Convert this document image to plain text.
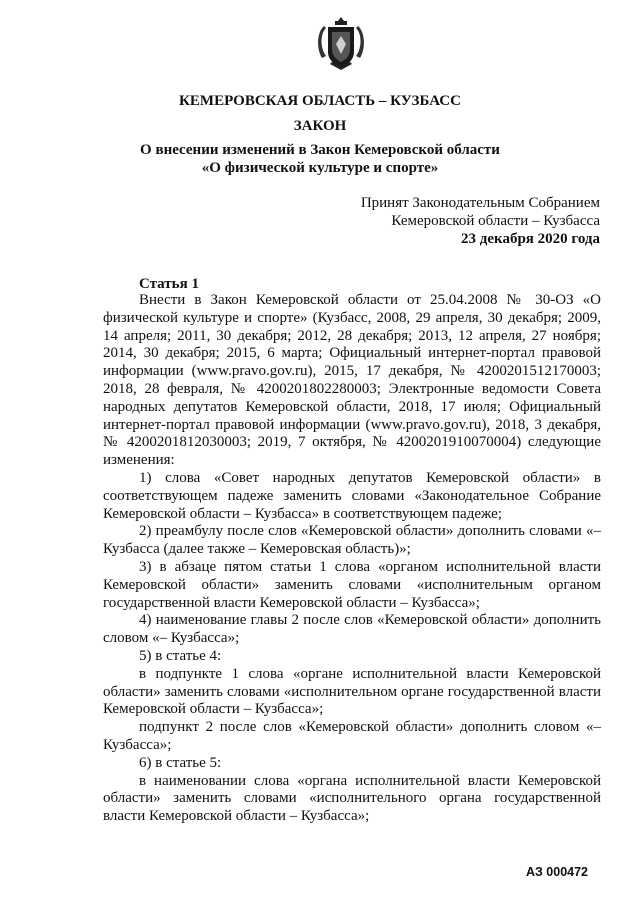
КЕМЕРОВСКАЯ ОБЛАСТЬ – КУЗБАСС
ЗАКОН
О внесении изменений в Закон Кемеровской области
«О физической культуре и спорте»
Принят Законодательным Собранием
Кемеровской области – Кузбасса
23 декабря 2020 года
Статья 1

Внести в Закон Кемеровской области от 25.04.2008 № 30-ОЗ «О физической культуре и спорте» (Кузбасс, 2008, 29 апреля, 30 декабря; 2009, 14 апреля; 2011, 30 декабря; 2012, 28 декабря; 2013, 12 апреля, 27 ноября; 2014, 30 декабря; 2015, 6 марта; Официальный интернет-портал правовой информации (www.pravo.gov.ru), 2015, 17 декабря, № 4200201512170003; 2018, 28 февраля, № 4200201802280003; Электронные ведомости Совета народных депутатов Кемеровской области, 2018, 17 июля; Официальный интернет-портал правовой информации (www.pravo.gov.ru), 2018, 3 декабря, № 4200201812030003; 2019, 7 октября, № 4200201910070004) следующие изменения:

1) слова «Совет народных депутатов Кемеровской области» в соответствующем падеже заменить словами «Законодательное Собрание Кемеровской области – Кузбасса» в соответствующем падеже;

2) преамбулу после слов «Кемеровской области» дополнить словами «– Кузбасса (далее также – Кемеровская область)»;

3) в абзаце пятом статьи 1 слова «органом исполнительной власти Кемеровской области» заменить словами «исполнительным органом государственной власти Кемеровской области – Кузбасса»;

4) наименование главы 2 после слов «Кемеровской области» дополнить словом «– Кузбасса»;

5) в статье 4:

в подпункте 1 слова «органе исполнительной власти Кемеровской области» заменить словами «исполнительном органе государственной власти Кемеровской области – Кузбасса»;

подпункт 2 после слов «Кемеровской области» дополнить словом «– Кузбасса»;

6) в статье 5:

в наименовании слова «органа исполнительной власти Кемеровской области» заменить словами «исполнительного органа государственной власти Кемеровской области – Кузбасса»;

АЗ 000472
